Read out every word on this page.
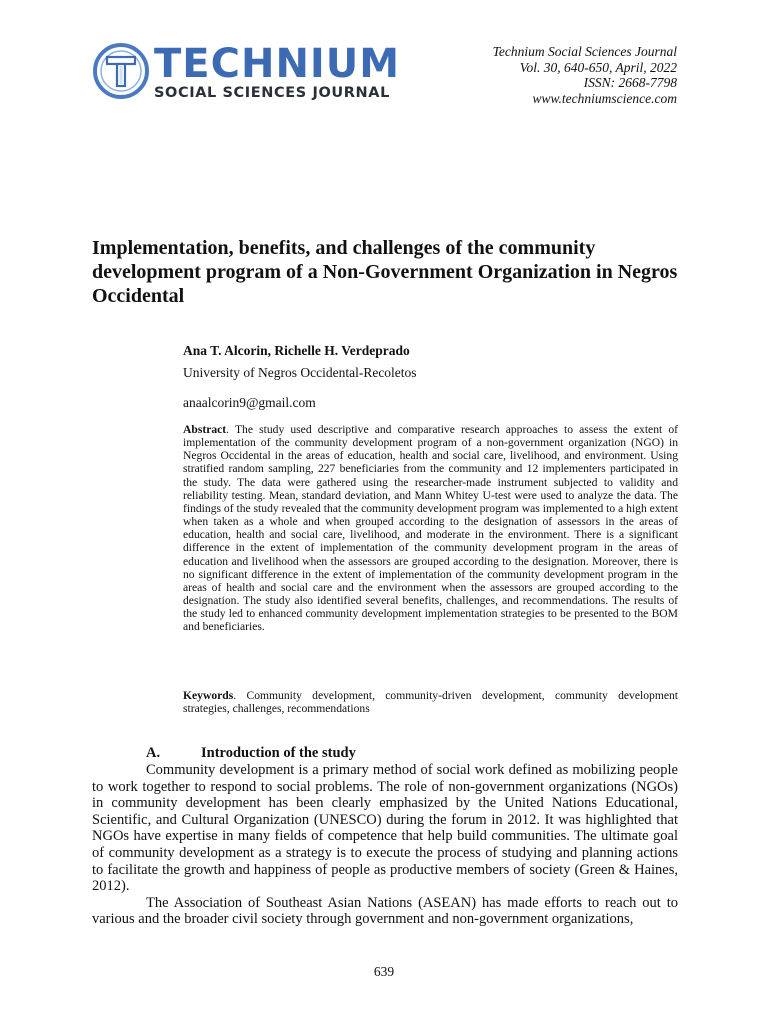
TECHNIUM
SOCIAL SCIENCES JOURNAL
Technium Social Sciences Journal
Vol. 30, 640-650, April, 2022
ISSN: 2668-7798
www.techniumscience.com
Implementation, benefits, and challenges of the community development program of a Non-Government Organization in Negros Occidental
Ana T. Alcorin, Richelle H. Verdeprado
University of Negros Occidental-Recoletos
anaalcorin9@gmail.com

Abstract. The study used descriptive and comparative research approaches to assess the extent of implementation of the community development program of a non-government organization (NGO) in Negros Occidental in the areas of education, health and social care, livelihood, and environment. Using stratified random sampling, 227 beneficiaries from the community and 12 implementers participated in the study. The data were gathered using the researcher-made instrument subjected to validity and reliability testing. Mean, standard deviation, and Mann Whitey U-test were used to analyze the data. The findings of the study revealed that the community development program was implemented to a high extent when taken as a whole and when grouped according to the designation of assessors in the areas of education, health and social care, livelihood, and moderate in the environment. There is a significant difference in the extent of implementation of the community development program in the areas of education and livelihood when the assessors are grouped according to the designation. Moreover, there is no significant difference in the extent of implementation of the community development program in the areas of health and social care and the environment when the assessors are grouped according to the designation. The study also identified several benefits, challenges, and recommendations. The results of the study led to enhanced community development implementation strategies to be presented to the BOM and beneficiaries.

Keywords. Community development, community-driven development, community development strategies, challenges, recommendations

A.	Introduction of the study

Community development is a primary method of social work defined as mobilizing people to work together to respond to social problems. The role of non-government organizations (NGOs) in community development has been clearly emphasized by the United Nations Educational, Scientific, and Cultural Organization (UNESCO) during the forum in 2012. It was highlighted that NGOs have expertise in many fields of competence that help build communities. The ultimate goal of community development as a strategy is to execute the process of studying and planning actions to facilitate the growth and happiness of people as productive members of society (Green & Haines, 2012).

The Association of Southeast Asian Nations (ASEAN) has made efforts to reach out to various and the broader civil society through government and non-government organizations,

639
